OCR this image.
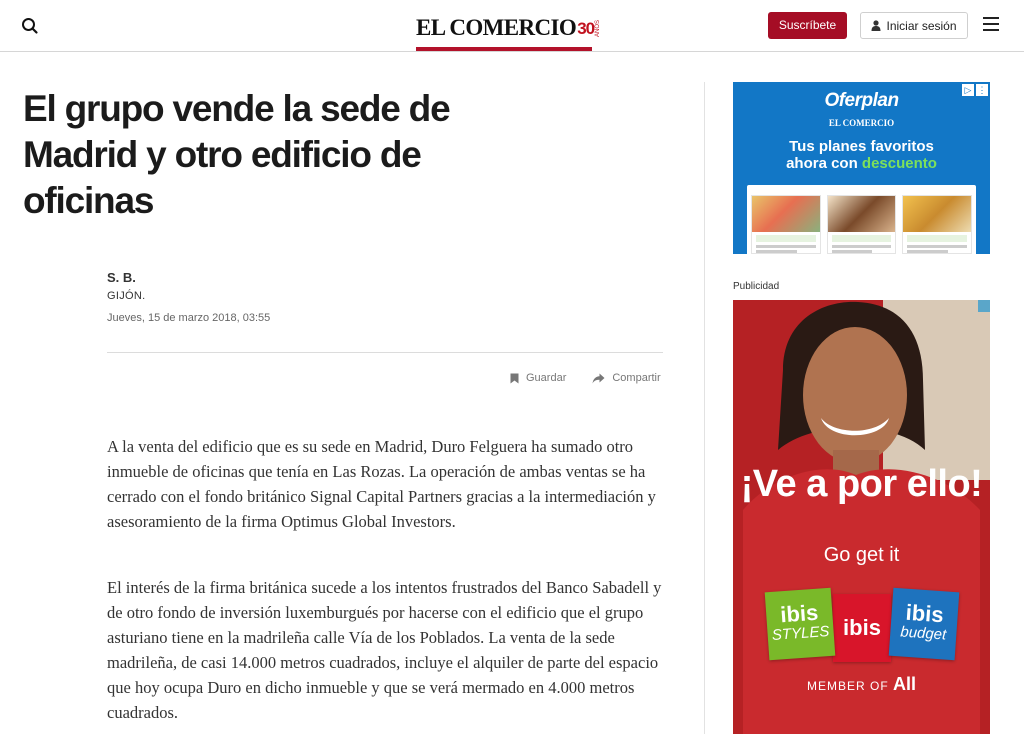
EL COMERCIO 30 AÑOS	Suscríbete	Iniciar sesión
El grupo vende la sede de Madrid y otro edificio de oficinas
S. B.
GIJÓN.
Jueves, 15 de marzo 2018, 03:55
Guardar	Compartir

A la venta del edificio que es su sede en Madrid, Duro Felguera ha sumado otro inmueble de oficinas que tenía en Las Rozas. La operación de ambas ventas se ha cerrado con el fondo británico Signal Capital Partners gracias a la intermediación y asesoramiento de la firma Optimus Global Investors.

El interés de la firma británica sucede a los intentos frustrados del Banco Sabadell y de otro fondo de inversión luxemburgués por hacerse con el edificio que el grupo asturiano tiene en la madrileña calle Vía de los Poblados. La venta de la sede madrileña, de casi 14.000 metros cuadrados, incluye el alquiler de parte del espacio que hoy ocupa Duro en dicho inmueble y que se verá mermado en 4.000 metros cuadrados.

▷ ⋮
Oferplan
EL COMERCIO
Tus planes favoritos
ahora con descuento
Publicidad
¡Ve a por ello!
Go get it
ibis
STYLES ibis
ibis
budget
MEMBER OF All
